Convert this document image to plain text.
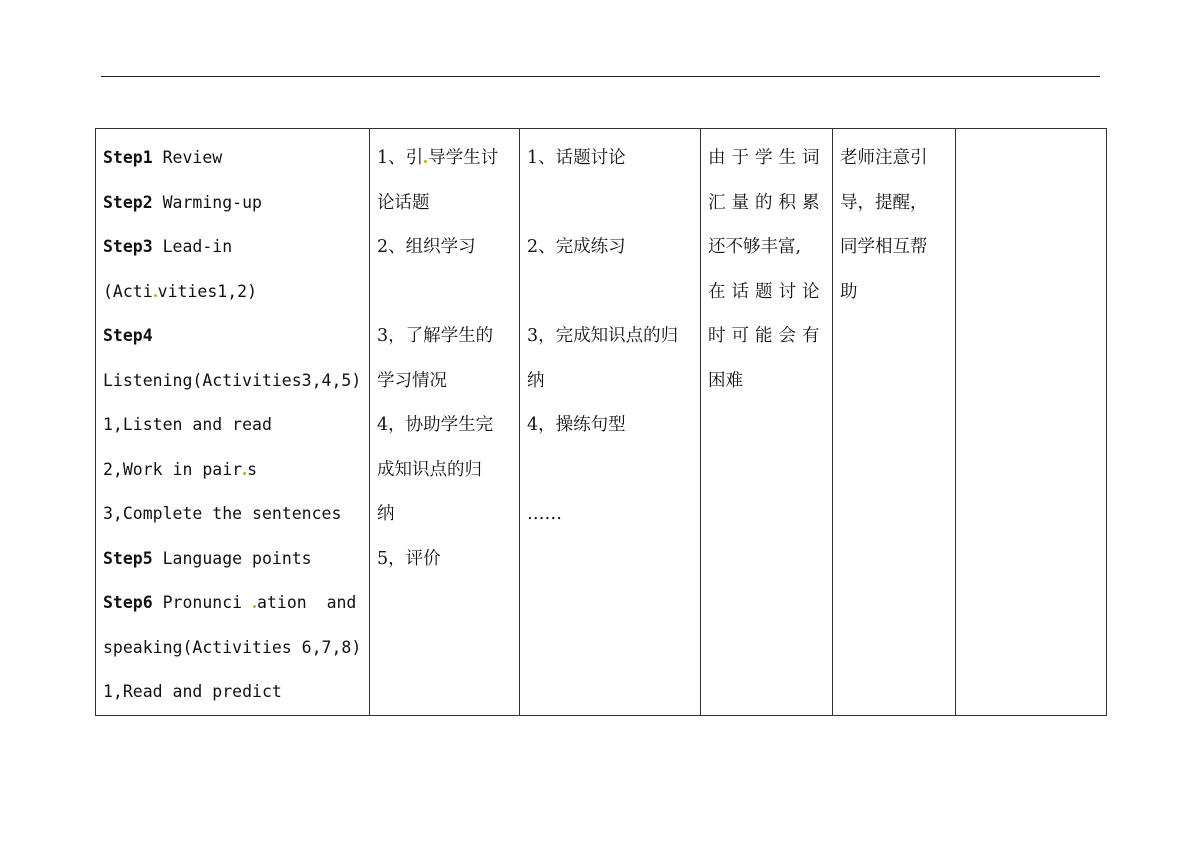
Step1 Review
Step2 Warming-up
Step3 Lead-in
(Acti vities1,2)
Step4
Listening(Activities3,4,5)
1,Listen and read
2,Work in pair s
3,Complete the sentences
Step5 Language points
Step6 Pronunci ation  and
speaking(Activities 6,7,8)
1,Read and predict

1、引 导学生讨
论话题
2、组织学习
3，了解学生的
学习情况
4，协助学生完
成知识点的归
纳
5，评价

1、话题讨论
2、完成练习
3，完成知识点的归
纳
4，操练句型
……

由于学生词
汇量的积累
还不够丰富,
在话题讨论
时可能会有
困难

老师注意引
导，提醒，
同学相互帮
助
